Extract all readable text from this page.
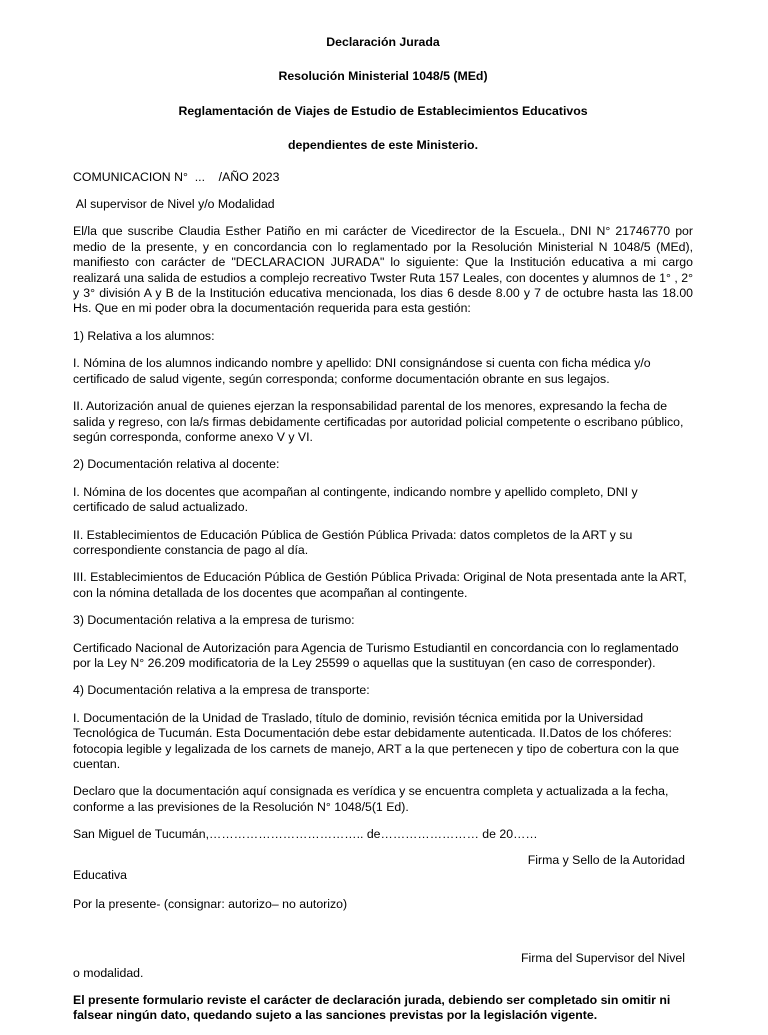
Declaración Jurada

Resolución Ministerial 1048/5 (MEd)

Reglamentación de Viajes de Estudio de Establecimientos Educativos

dependientes de este Ministerio.

COMUNICACION N°  ...    /AÑO 2023

Al supervisor de Nivel y/o Modalidad

El/la que suscribe Claudia Esther Patiño en mi carácter de Vicedirector de la Escuela., DNI N° 21746770 por medio de la presente, y en concordancia con lo reglamentado por la Resolución Ministerial N 1048/5 (MEd), manifiesto con carácter de "DECLARACION JURADA" lo siguiente: Que la Institución educativa a mi cargo realizará una salida de estudios a complejo recreativo Twster Ruta 157 Leales, con docentes y alumnos de 1° , 2° y 3° división A y B de la Institución educativa mencionada, los dias 6 desde 8.00 y 7 de octubre hasta las 18.00 Hs. Que en mi poder obra la documentación requerida para esta gestión:

1) Relativa a los alumnos:

I. Nómina de los alumnos indicando nombre y apellido: DNI consignándose si cuenta con ficha médica y/o certificado de salud vigente, según corresponda; conforme documentación obrante en sus legajos.

II. Autorización anual de quienes ejerzan la responsabilidad parental de los menores, expresando la fecha de salida y regreso, con la/s firmas debidamente certificadas por autoridad policial competente o escribano público, según corresponda, conforme anexo V y VI.

2) Documentación relativa al docente:

I. Nómina de los docentes que acompañan al contingente, indicando nombre y apellido completo, DNI y certificado de salud actualizado.

II. Establecimientos de Educación Pública de Gestión Pública Privada: datos completos de la ART y su correspondiente constancia de pago al día.

III. Establecimientos de Educación Pública de Gestión Pública Privada: Original de Nota presentada ante la ART, con la nómina detallada de los docentes que acompañan al contingente.

3) Documentación relativa a la empresa de turismo:

Certificado Nacional de Autorización para Agencia de Turismo Estudiantil en concordancia con lo reglamentado por la Ley N° 26.209 modificatoria de la Ley 25599 o aquellas que la sustituyan (en caso de corresponder).

4) Documentación relativa a la empresa de transporte:

I. Documentación de la Unidad de Traslado, título de dominio, revisión técnica emitida por la Universidad Tecnológica de Tucumán. Esta Documentación debe estar debidamente autenticada. II.Datos de los chóferes: fotocopia legible y legalizada de los carnets de manejo, ART a la que pertenecen y tipo de cobertura con la que cuentan.

Declaro que la documentación aquí consignada es verídica y se encuentra completa y actualizada a la fecha, conforme a las previsiones de la Resolución N° 1048/5(1 Ed).

San Miguel de Tucumán,……………………………….. de…………………… de 20……

Firma y Sello de la Autoridad

Educativa

Por la presente- (consignar: autorizo– no autorizo)

Firma del Supervisor del Nivel

o modalidad.

El presente formulario reviste el carácter de declaración jurada, debiendo ser completado sin omitir ni falsear ningún dato, quedando sujeto a las sanciones previstas por la legislación vigente.
